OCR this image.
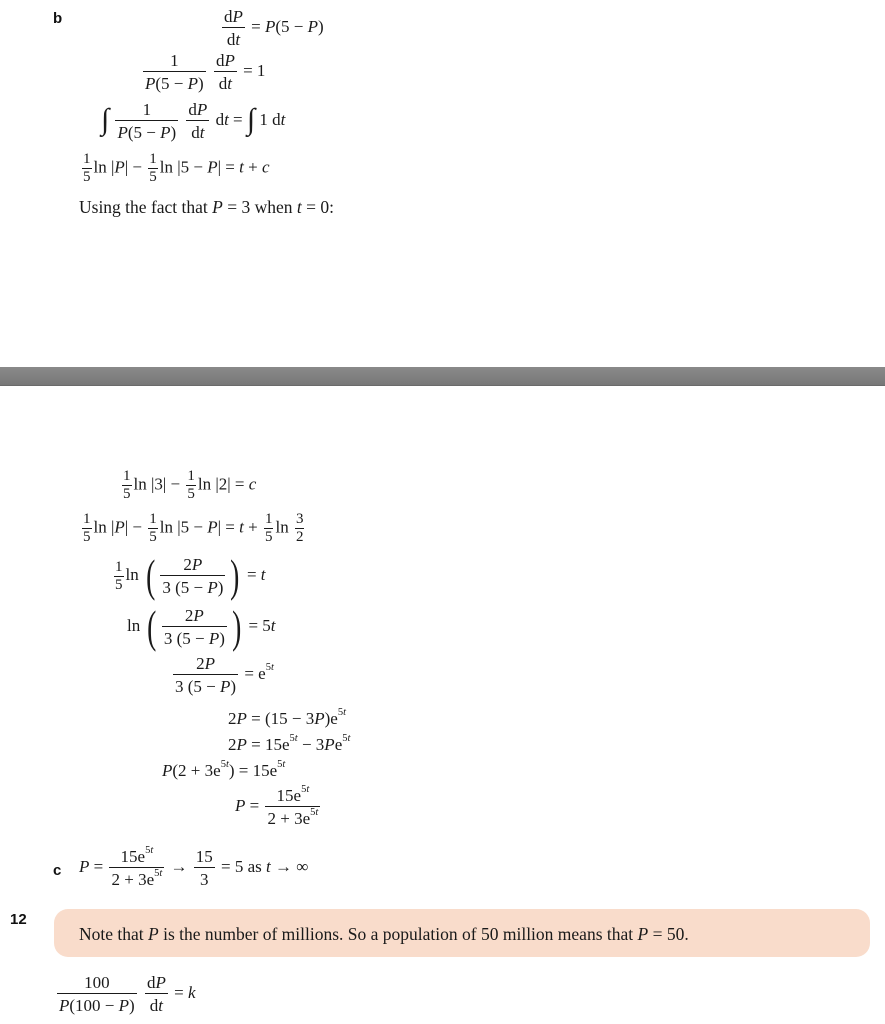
b	$\frac{dP}{dt} = P(5 - P)$
$\frac{1}{P(5 - P)}$
$\frac{dP}{dt} = 1$
∫ $\frac{1}{P(5 - P)}$
$\frac{dP}{dt}$ dt = ∫ 1 dt
$\frac{1}{5}$ $\ln |P| - \frac{1}{5}$ ln |5 − P| = t + c
Using the fact that P = 3 when t = 0:
$\frac{1}{5}$ $\ln |3| - \frac{1}{5}$ ln |2| = c
$\frac{1}{5}$ $\ln |P| - \frac{1}{5}$ $\ln |5 - P| = t + \frac{1}{5}$ $\ln \frac{3}{2}$
$\frac{1}{5}$ ln ( $\frac{2P}{3 (5 - P)}$ ) = t
ln ( $\frac{2P}{3 (5 - P)}$ ) = 5t
$\frac{2P}{3 (5 - P)} = e^{5t}$
$2P = (15 - 3P)e^{5t}$
$2P = 15e^{5t} - 3Pe^{5t}$
$P(2 + 3e^{5t}) = 15e^{5t}$
$P = \frac{15e^{5t}}{2 + 3e^{5t}}$
c $P = \frac{15e^{5t}}{2 + 3e^{5t}} \to \frac{15}{3} = 5$ as t → ∞
12
Note that P is the number of millions. So a population of 50 million means that P = 50.
$\frac{100}{P(100 - P)}$
$\frac{dP}{dt} = k$
